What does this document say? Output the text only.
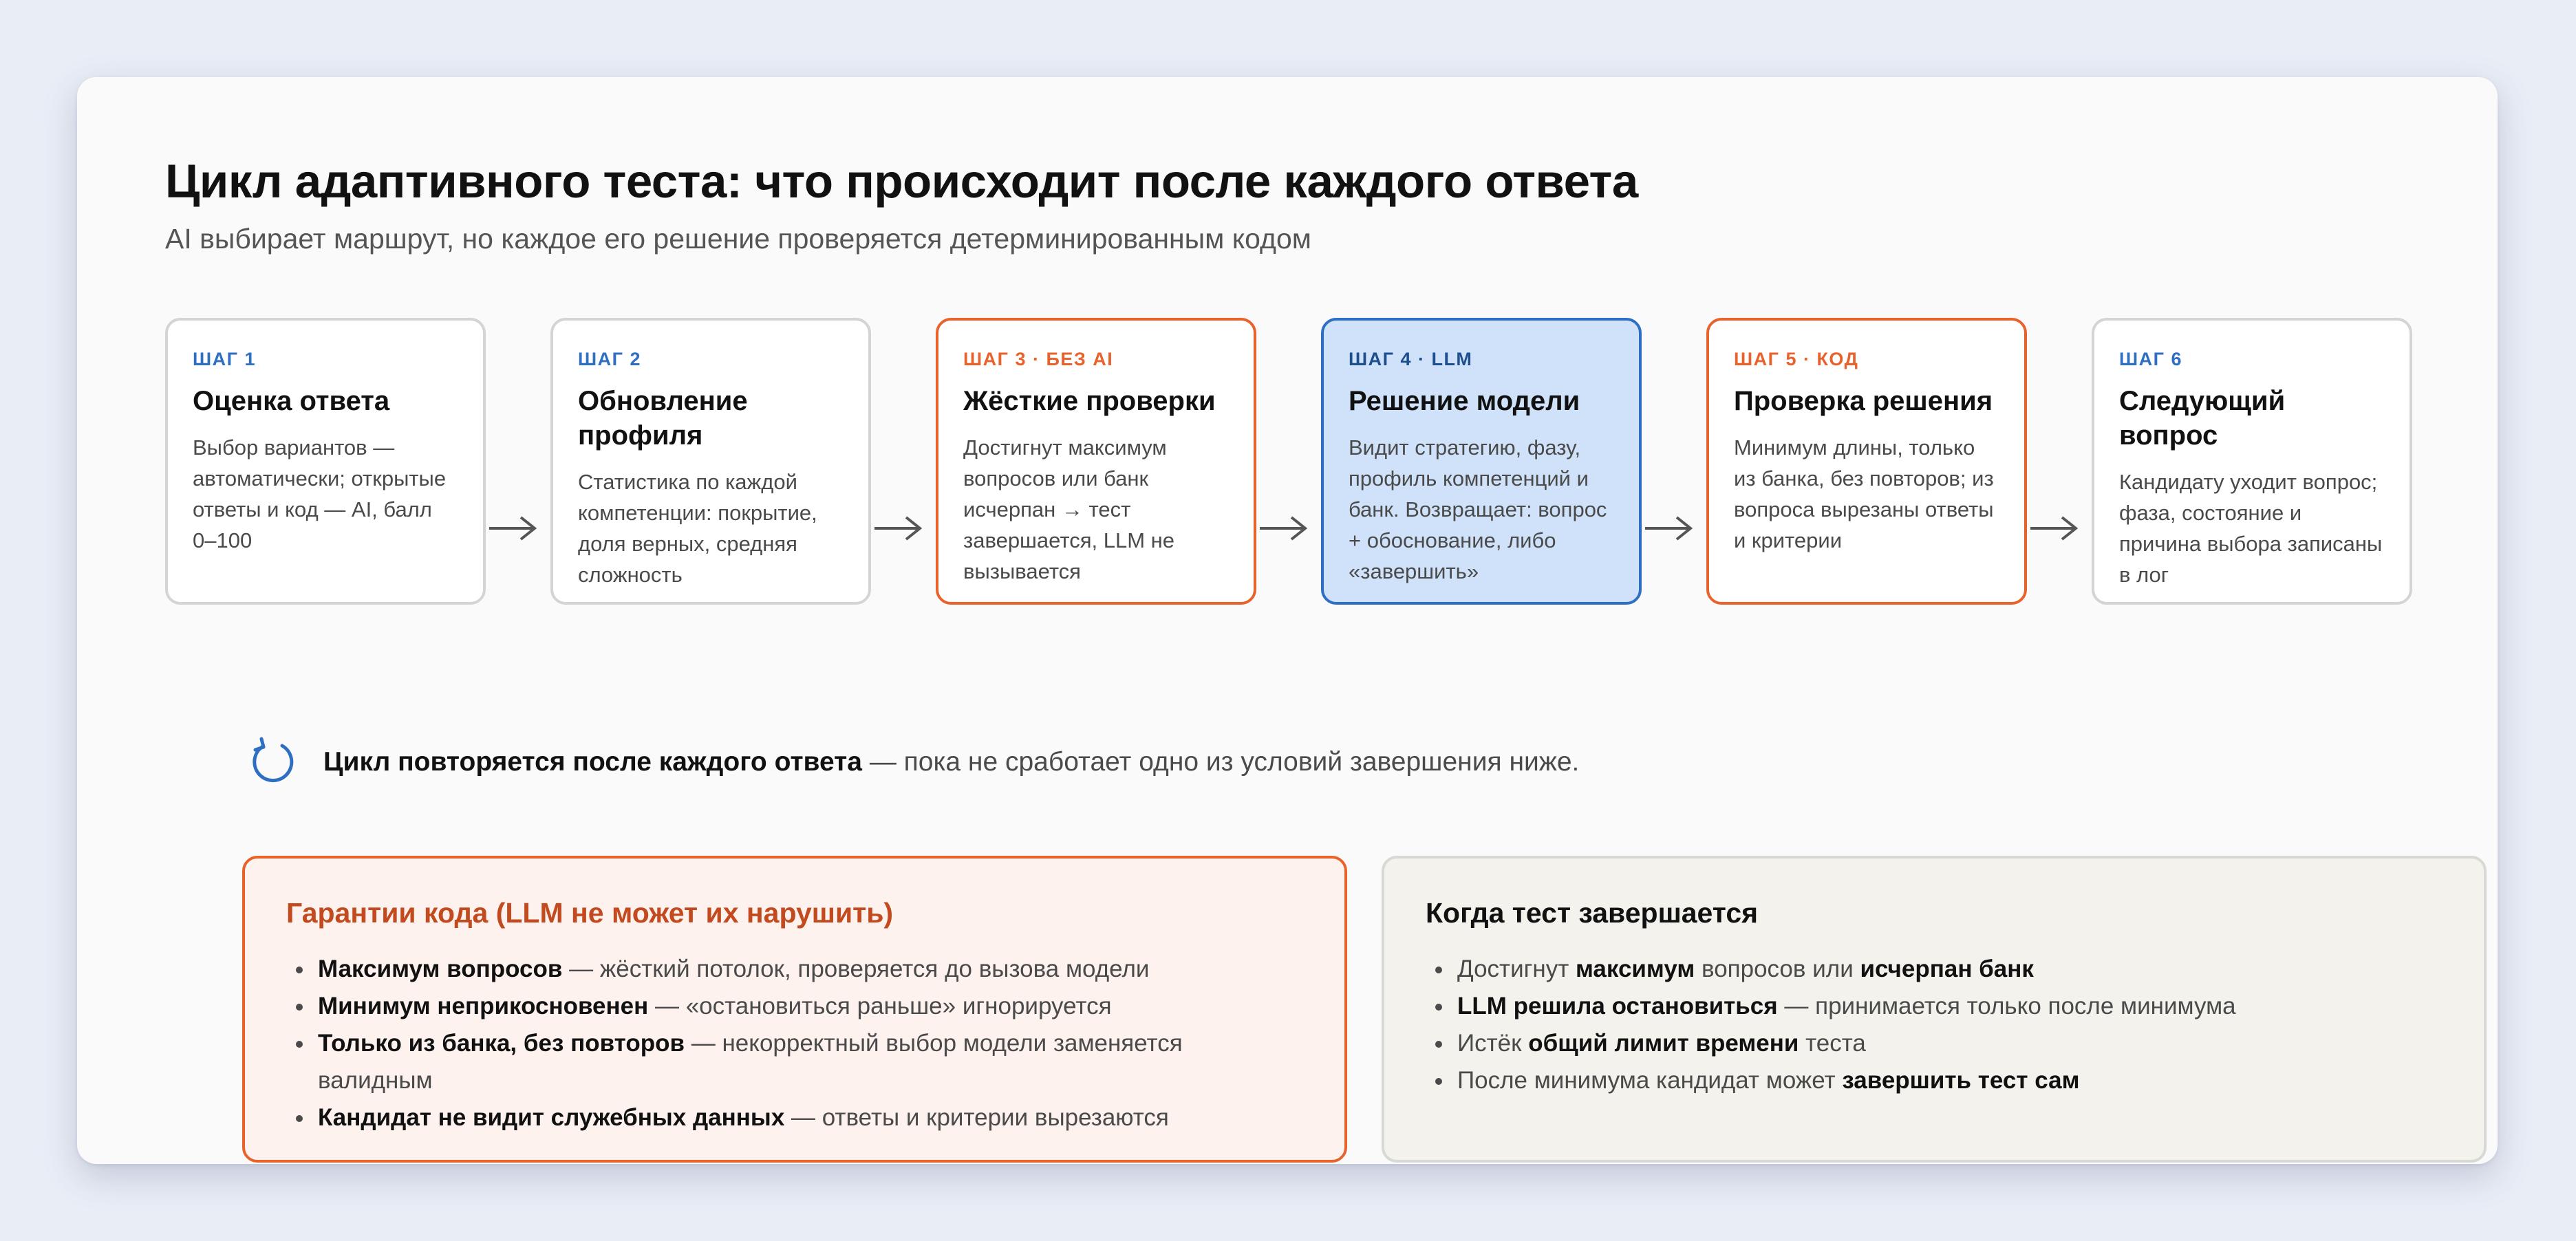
Цикл адаптивного теста: что происходит после каждого ответа
AI выбирает маршрут, но каждое его решение проверяется детерминированным кодом
ШАГ 1
Оценка ответа
Выбор вариантов — автоматически; открытые ответы и код — AI, балл 0–100
ШАГ 2
Обновление профиля
Статистика по каждой компетенции: покрытие, доля верных, средняя сложность
ШАГ 3 · БЕЗ AI
Жёсткие проверки
Достигнут максимум вопросов или банк исчерпан → тест завершается, LLM не вызывается
ШАГ 4 · LLM
Решение модели
Видит стратегию, фазу, профиль компетенций и банк. Возвращает: вопрос + обоснование, либо «завершить»
ШАГ 5 · КОД
Проверка решения
Минимум длины, только из банка, без повторов; из вопроса вырезаны ответы и критерии
ШАГ 6
Следующий вопрос
Кандидату уходит вопрос; фаза, состояние и причина выбора записаны в лог
Цикл повторяется после каждого ответа — пока не сработает одно из условий завершения ниже.
Гарантии кода (LLM не может их нарушить)
Максимум вопросов — жёсткий потолок, проверяется до вызова модели
Минимум неприкосновенен — «остановиться раньше» игнорируется
Только из банка, без повторов — некорректный выбор модели заменяется валидным
Кандидат не видит служебных данных — ответы и критерии вырезаются
Когда тест завершается
Достигнут максимум вопросов или исчерпан банк
LLM решила остановиться — принимается только после минимума
Истёк общий лимит времени теста
После минимума кандидат может завершить тест сам
